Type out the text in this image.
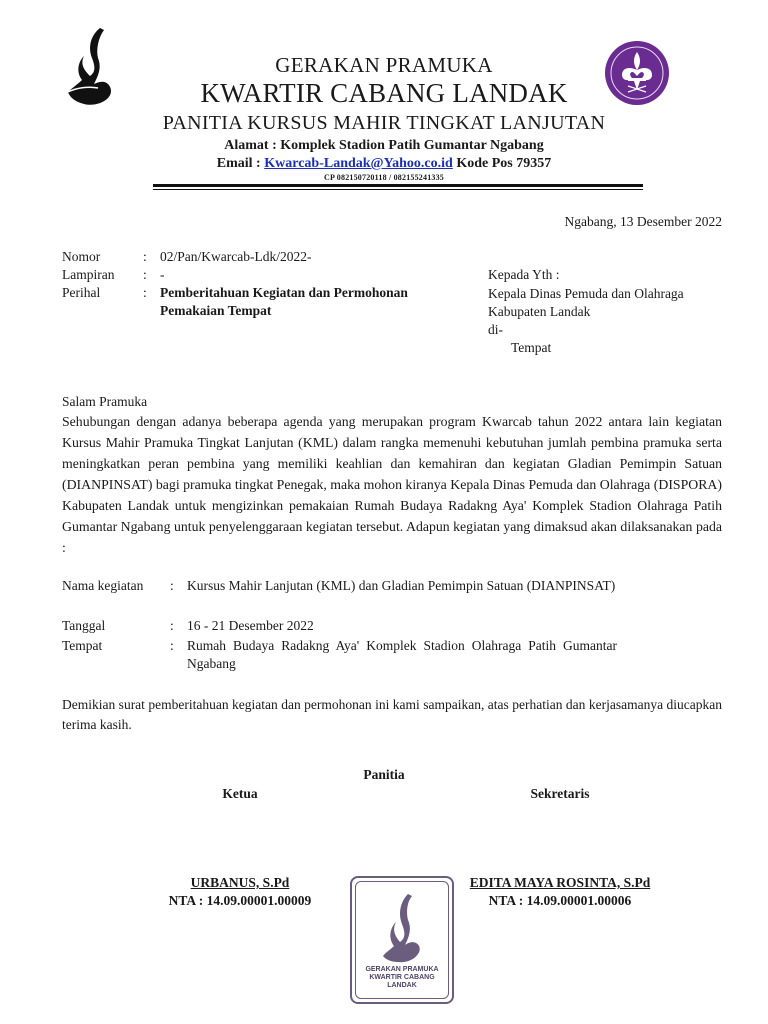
GERAKAN PRAMUKA
KWARTIR CABANG LANDAK
PANITIA KURSUS MAHIR TINGKAT LANJUTAN
Alamat : Komplek Stadion Patih Gumantar Ngabang
Email : Kwarcab-Landak@Yahoo.co.id Kode Pos 79357
CP 082150720118 / 082155241335
Ngabang, 13 Desember 2022
Nomor	: 02/Pan/Kwarcab-Ldk/2022-
Lampiran : -
Perihal	: Pemberitahuan Kegiatan dan Permohonan Pemakaian Tempat
Kepada Yth :
Kepala Dinas Pemuda dan Olahraga
Kabupaten Landak
di-
Tempat
Salam Pramuka
Sehubungan dengan adanya beberapa agenda yang merupakan program Kwarcab tahun 2022 antara lain kegiatan Kursus Mahir Pramuka Tingkat Lanjutan (KML) dalam rangka memenuhi kebutuhan jumlah pembina pramuka serta meningkatkan peran pembina yang memiliki keahlian dan kemahiran dan kegiatan Gladian Pemimpin Satuan (DIANPINSAT) bagi pramuka tingkat Penegak, maka mohon kiranya Kepala Dinas Pemuda dan Olahraga (DISPORA) Kabupaten Landak untuk mengizinkan pemakaian Rumah Budaya Radakng Aya' Komplek Stadion Olahraga Patih Gumantar Ngabang untuk penyelenggaraan kegiatan tersebut. Adapun kegiatan yang dimaksud akan dilaksanakan pada :
Nama kegiatan : Kursus Mahir Lanjutan (KML) dan Gladian Pemimpin Satuan (DIANPINSAT)
Tanggal	: 16 - 21 Desember 2022
Tempat	: Rumah Budaya Radakng Aya' Komplek Stadion Olahraga Patih Gumantar Ngabang
Demikian surat pemberitahuan kegiatan dan permohonan ini kami sampaikan, atas perhatian dan kerjasamanya diucapkan terima kasih.
Panitia
Ketua	Sekretaris
URBANUS, S.Pd
NTA : 14.09.00001.00009
EDITA MAYA ROSINTA, S.Pd
NTA : 14.09.00001.00006
GERAKAN PRAMUKA
KWARTIR CABANG
LANDAK
